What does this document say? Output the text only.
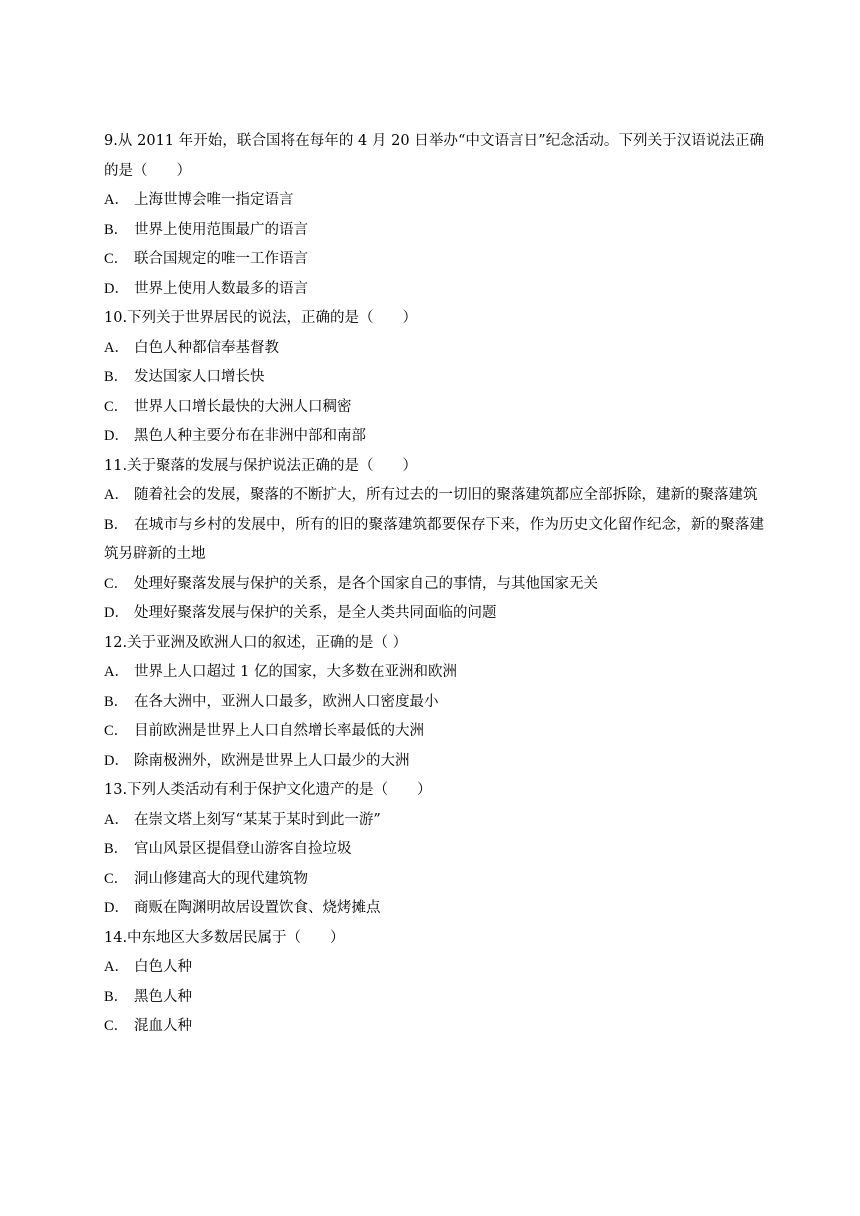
9.从 2011 年开始，联合国将在每年的 4 月 20 日举办“中文语言日”纪念活动。下列关于汉语说法正确的是（　　）
A． 上海世博会唯一指定语言
B． 世界上使用范围最广的语言
C． 联合国规定的唯一工作语言
D． 世界上使用人数最多的语言
10.下列关于世界居民的说法，正确的是（　　）
A． 白色人种都信奉基督教
B． 发达国家人口增长快
C． 世界人口增长最快的大洲人口稠密
D． 黑色人种主要分布在非洲中部和南部
11.关于聚落的发展与保护说法正确的是（　　）
A． 随着社会的发展，聚落的不断扩大，所有过去的一切旧的聚落建筑都应全部拆除，建新的聚落建筑
B． 在城市与乡村的发展中，所有的旧的聚落建筑都要保存下来，作为历史文化留作纪念，新的聚落建筑另辟新的土地
C． 处理好聚落发展与保护的关系，是各个国家自己的事情，与其他国家无关
D． 处理好聚落发展与保护的关系，是全人类共同面临的问题
12.关于亚洲及欧洲人口的叙述，正确的是（ ）
A． 世界上人口超过 1 亿的国家，大多数在亚洲和欧洲
B． 在各大洲中，亚洲人口最多，欧洲人口密度最小
C． 目前欧洲是世界上人口自然增长率最低的大洲
D． 除南极洲外，欧洲是世界上人口最少的大洲
13.下列人类活动有利于保护文化遗产的是（　　）
A． 在崇文塔上刻写“某某于某时到此一游”
B． 官山风景区提倡登山游客自捡垃圾
C． 洞山修建高大的现代建筑物
D． 商贩在陶渊明故居设置饮食、烧烤摊点
14.中东地区大多数居民属于（　　）
A． 白色人种
B． 黑色人种
C． 混血人种
